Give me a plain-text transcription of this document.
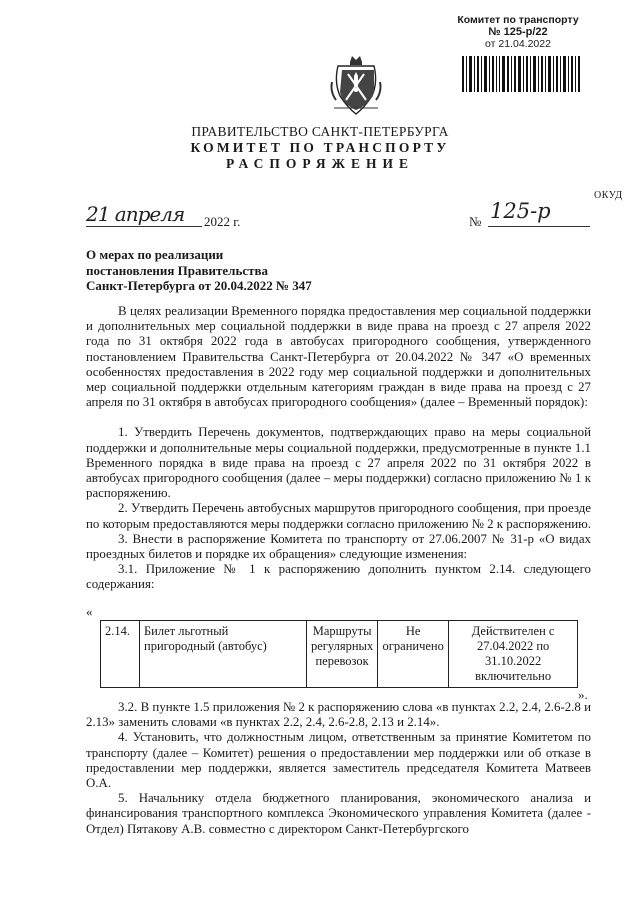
Комитет по транспорту
№ 125-р/22
от 21.04.2022
ПРАВИТЕЛЬСТВО САНКТ-ПЕТЕРБУРГА
КОМИТЕТ ПО ТРАНСПОРТУ
РАСПОРЯЖЕНИЕ
ОКУД
21 апреля	2022 г.	№ 125-р
О мерах по реализации
постановления Правительства
Санкт-Петербурга от 20.04.2022 № 347

В целях реализации Временного порядка предоставления мер социальной поддержки и дополнительных мер социальной поддержки в виде права на проезд с 27 апреля 2022 года по 31 октября 2022 года в автобусах пригородного сообщения, утвержденного постановлением Правительства Санкт-Петербурга от 20.04.2022 № 347 «О временных особенностях предоставления в 2022 году мер социальной поддержки и дополнительных мер социальной поддержки отдельным категориям граждан в виде права на проезд с 27 апреля по 31 октября в автобусах пригородного сообщения» (далее – Временный порядок):

1. Утвердить Перечень документов, подтверждающих право на меры социальной поддержки и дополнительные меры социальной поддержки, предусмотренные в пункте 1.1 Временного порядка в виде права на проезд с 27 апреля 2022 по 31 октября 2022 в автобусах пригородного сообщения (далее – меры поддержки) согласно приложению № 1 к распоряжению.

2. Утвердить Перечень автобусных маршрутов пригородного сообщения, при проезде по которым предоставляются меры поддержки согласно приложению № 2 к распоряжению.

3. Внести в распоряжение Комитета по транспорту от 27.06.2007 № 31-р «О видах проездных билетов и порядке их обращения» следующие изменения:

3.1. Приложение № 1 к распоряжению дополнить пунктом 2.14. следующего содержания:

«
2.14.	Билет льготный пригородный (автобус)	Маршруты регулярных перевозок	Не ограничено	Действителен с 27.04.2022 по 31.10.2022 включительно
».

3.2. В пункте 1.5 приложения № 2 к распоряжению слова «в пунктах 2.2, 2.4, 2.6-2.8 и 2.13» заменить словами «в пунктах 2.2, 2.4, 2.6-2.8, 2.13 и 2.14».

4. Установить, что должностным лицом, ответственным за принятие Комитетом по транспорту (далее – Комитет) решения о предоставлении мер поддержки или об отказе в предоставлении мер поддержки, является заместитель председателя Комитета Матвеев О.А.

5. Начальнику отдела бюджетного планирования, экономического анализа и финансирования транспортного комплекса Экономического управления Комитета (далее - Отдел) Пятакову А.В. совместно с директором Санкт-Петербургского
